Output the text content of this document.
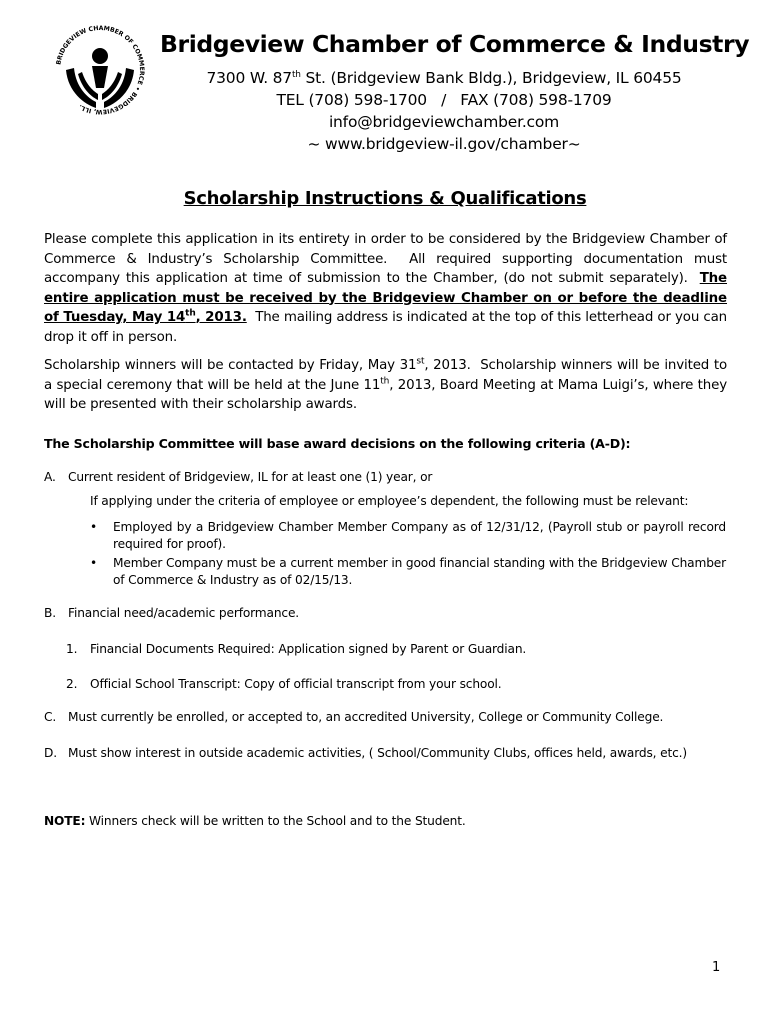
BRIDGEVIEW CHAMBER OF COMMERCE • BRIDGEVIEW, ILL.
Bridgeview Chamber of Commerce & Industry
7300 W. 87th St. (Bridgeview Bank Bldg.), Bridgeview, IL 60455
TEL (708) 598-1700   /   FAX (708) 598-1709
info@bridgeviewchamber.com
~ www.bridgeview-il.gov/chamber~
Scholarship Instructions & Qualifications
Please complete this application in its entirety in order to be considered by the Bridgeview Chamber of Commerce & Industry’s Scholarship Committee.  All required supporting documentation must accompany this application at time of submission to the Chamber, (do not submit separately).  The entire application must be received by the Bridgeview Chamber on or before the deadline of Tuesday, May 14th, 2013.  The mailing address is indicated at the top of this letterhead or you can drop it off in person.
Scholarship winners will be contacted by Friday, May 31st, 2013.  Scholarship winners will be invited to a special ceremony that will be held at the June 11th, 2013, Board Meeting at Mama Luigi’s, where they will be presented with their scholarship awards.
The Scholarship Committee will base award decisions on the following criteria (A-D):
A. Current resident of Bridgeview, IL for at least one (1) year, or
If applying under the criteria of employee or employee’s dependent, the following must be relevant:
• Employed by a Bridgeview Chamber Member Company as of 12/31/12, (Payroll stub or payroll record required for proof).
• Member Company must be a current member in good financial standing with the Bridgeview Chamber of Commerce & Industry as of 02/15/13.
B. Financial need/academic performance.
1. Financial Documents Required: Application signed by Parent or Guardian.
2. Official School Transcript: Copy of official transcript from your school.
C. Must currently be enrolled, or accepted to, an accredited University, College or Community College.
D. Must show interest in outside academic activities, ( School/Community Clubs, offices held, awards, etc.)
NOTE: Winners check will be written to the School and to the Student.
1
